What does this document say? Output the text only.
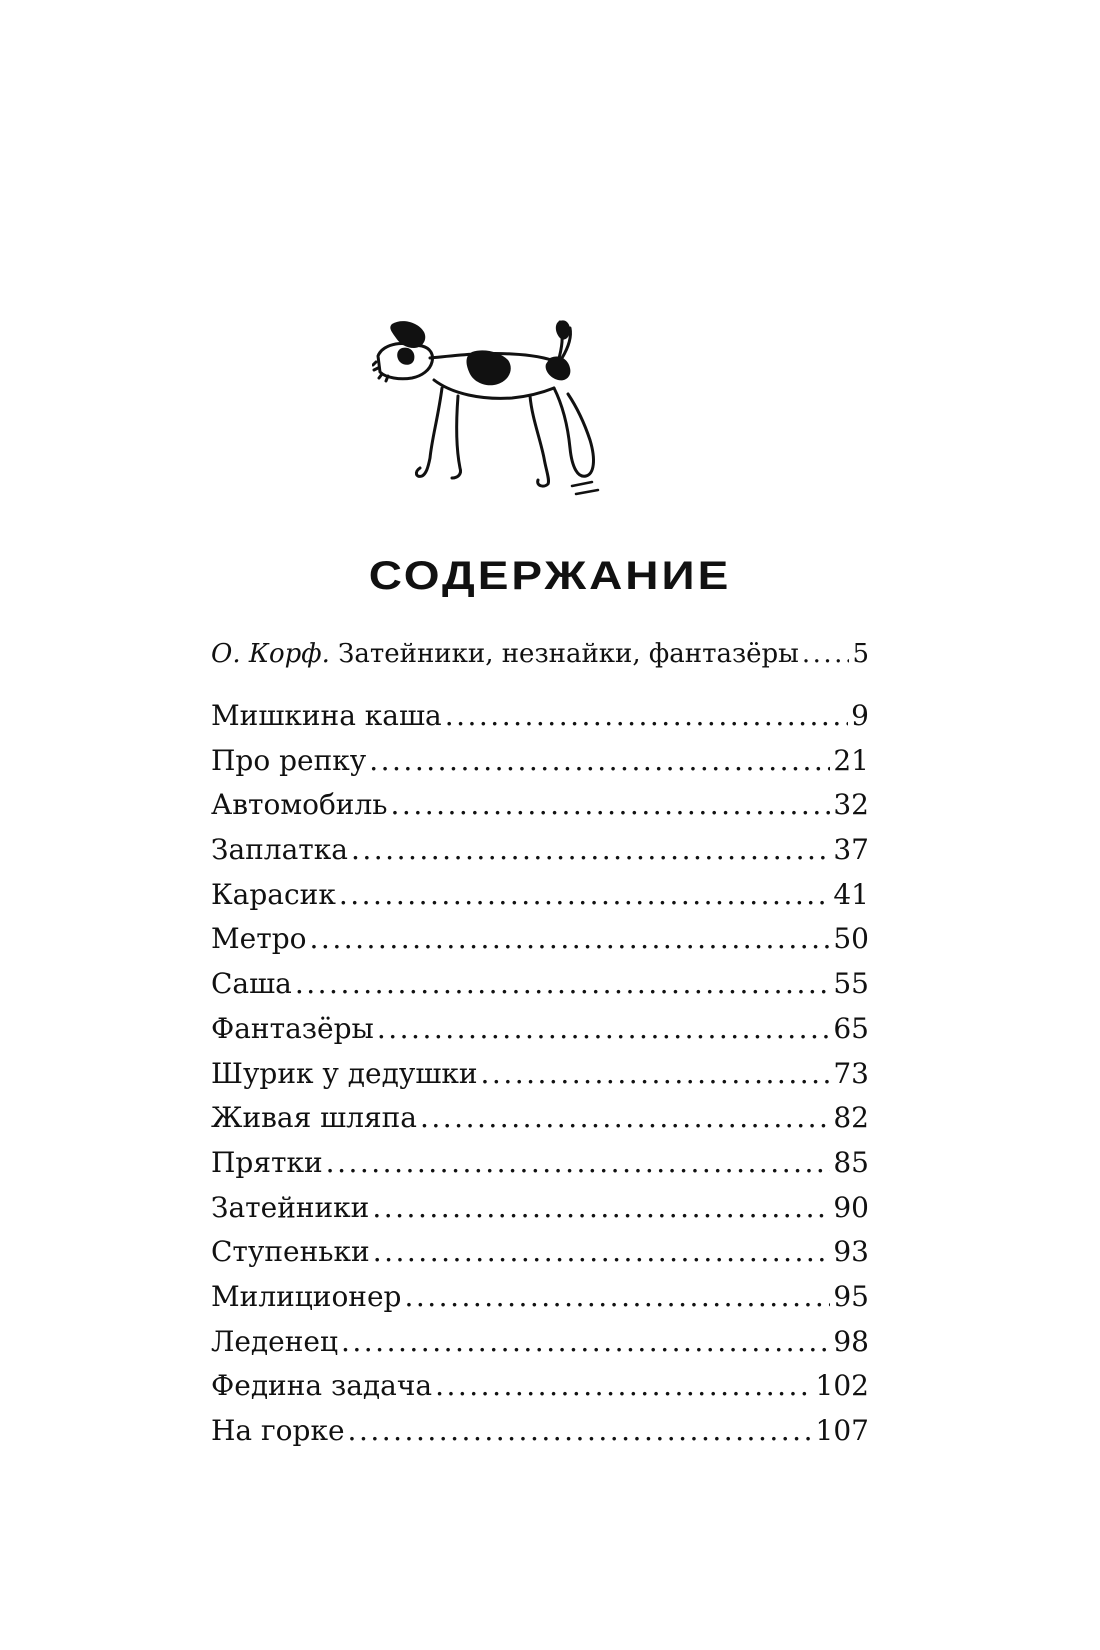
СОДЕРЖАНИЕ
О. Корф. Затейники, незнайки, фантазёры ..... 5
Мишкина каша .....	9
Про репку .....	21
Автомобиль .....	32
Заплатка .....	37
Карасик .....	41
Метро .....	50
Саша .....	55
Фантазёры .....	65
Шурик у дедушки .....	73
Живая шляпа .....	82
Прятки .....	85
Затейники .....	90
Ступеньки .....	93
Милиционер .....	95
Леденец .....	98
Федина задача .....	102
На горке .....	107
